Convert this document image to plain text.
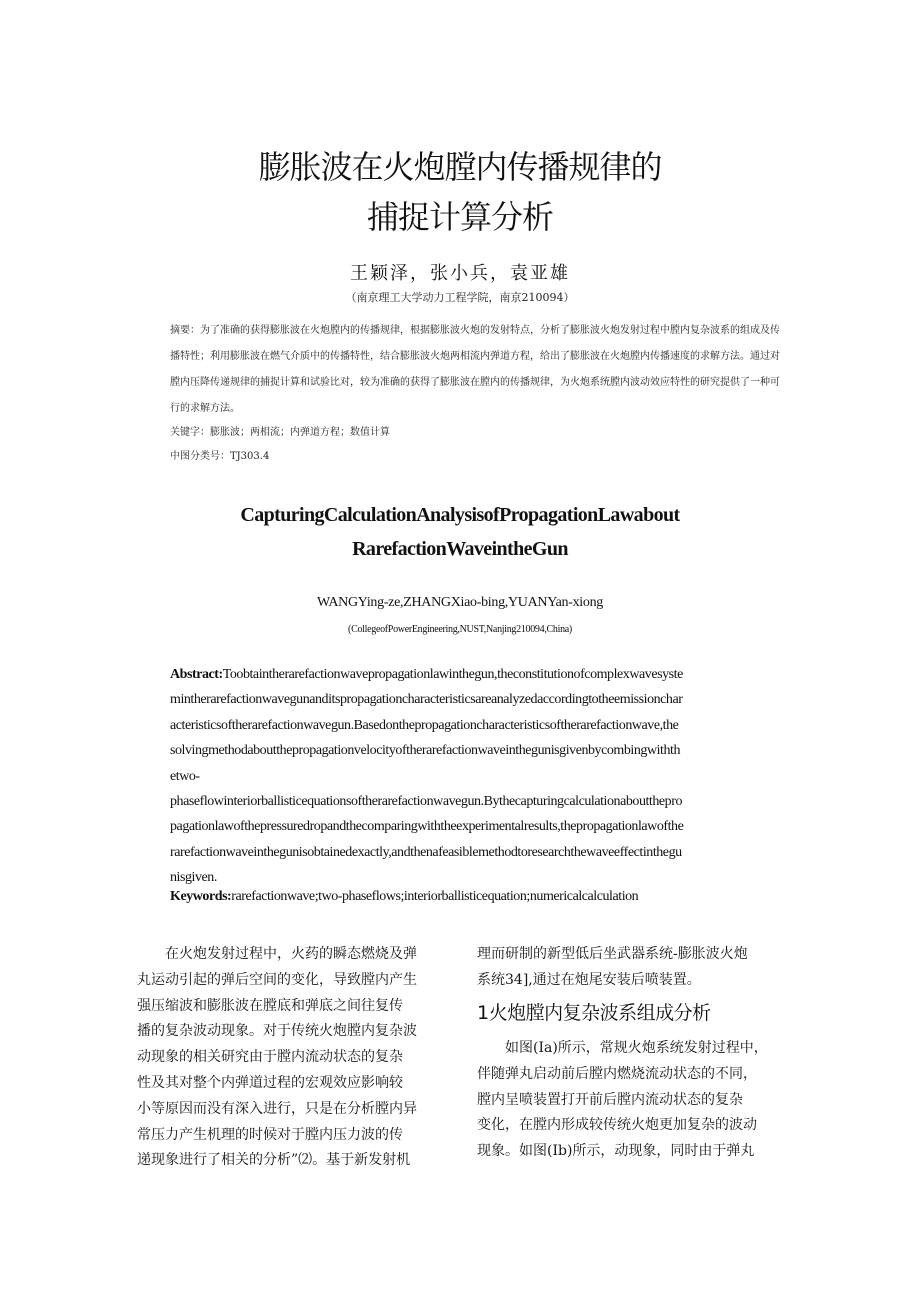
膨胀波在火炮膛内传播规律的
捕捉计算分析
王颖泽，张小兵，袁亚雄
（南京理工大学动力工程学院，南京210094）
摘要：为了准确的获得膨胀波在火炮膛内的传播规律，根据膨胀波火炮的发射特点，分析了膨胀波火炮发射过程中膛内复杂波系的组成及传播特性；利用膨胀波在燃气介质中的传播特性，结合膨胀波火炮两相流内弹道方程，给出了膨胀波在火炮膛内传播速度的求解方法。通过对膛内压降传递规律的捕捉计算和试验比对，较为准确的获得了膨胀波在膛内的传播规律，为火炮系统膛内波动效应特性的研究提供了一种可行的求解方法。
关键字：膨胀波；两相流；内弹道方程；数值计算
中图分类号：TJ303.4
CapturingCalculationAnalysisofPropagationLawabout
RarefactionWaveintheGun
WANGYing-ze,ZHANGXiao-bing,YUANYan-xiong
(CollegeofPowerEngineering,NUST,Nanjing210094,China)
Abstract:Toobtaintherarefactionwavepropagationlawinthegun,theconstitutionofcomplexwavesyste
mintherarefactionwavegunanditspropagationcharacteristicsareanalyzedaccordingtotheemissionchar
acteristicsoftherarefactionwavegun.Basedonthepropagationcharacteristicsoftherarefactionwave,the
solvingmethodaboutthepropagationvelocityoftherarefactionwaveinthegunisgivenbycombingwithth
etwo-
phaseflowinteriorballisticequationsoftherarefactionwavegun.Bythecapturingcalculationaboutthepro
pagationlawofthepressuredropandthecomparingwiththeexperimentalresults,thepropagationlawofthe
rarefactionwaveinthegunisobtainedexactly,andthenafeasiblemethodtoresearchthewaveeffectinthegu
nisgiven.
Keywords:rarefactionwave;two-phaseflows;interiorballisticequation;numericalcalculation

在火炮发射过程中，火药的瞬态燃烧及弹

丸运动引起的弹后空间的变化，导致膛内产生

强压缩波和膨胀波在膛底和弹底之间往复传

播的复杂波动现象。对于传统火炮膛内复杂波

动现象的相关研究由于膛内流动状态的复杂

性及其对整个内弹道过程的宏观效应影响较

小等原因而没有深入进行，只是在分析膛内异

常压力产生机理的时候对于膛内压力波的传

递现象进行了相关的分析”⑵。基于新发射机

理而研制的新型低后坐武器系统-膨胀波火炮

系统34],通过在炮尾安装后喷装置。

1火炮膛内复杂波系组成分析

如图(Ia)所示，常规火炮系统发射过程中，

伴随弹丸启动前后膛内燃烧流动状态的不同，

膛内呈喷装置打开前后膛内流动状态的复杂

变化，在膛内形成较传统火炮更加复杂的波动

现象。如图(Ib)所示，动现象，同时由于弹丸
